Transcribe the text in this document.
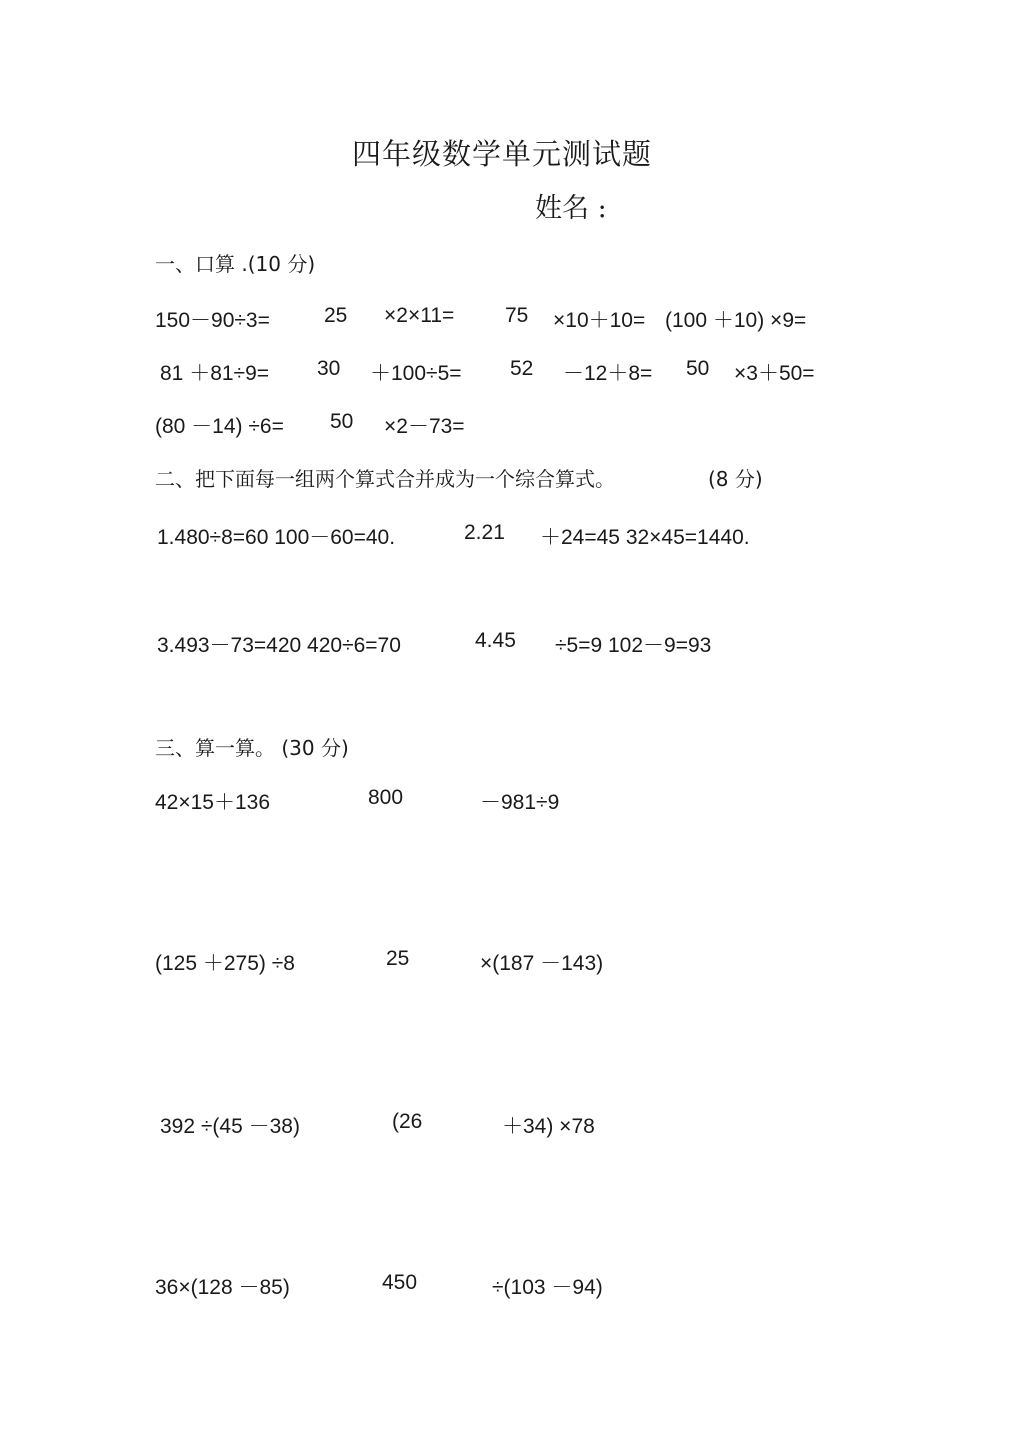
四年级数学单元测试题
姓名 :
一、口算 .(10 分)
150－90÷3=	25 ×2×11= 75 ×10＋10= (100 ＋10) ×9=
81 ＋81÷9= 30 ＋100÷5= 52 －12＋8= 50 ×3＋50=
(80 －14) ÷6= 50 ×2－73=
二、把下面每一组两个算式合并成为一个综合算式。	(8 分)
1.480÷8=60 100－60=40.	2.21 ＋24=45 32×45=1440.
3.493－73=420 420÷6=70	4.45 ÷5=9 102－9=93
三、算一算。 (30 分)
42×15＋136	800	－981÷9
(125 ＋275) ÷8	25	×(187 －143)
392 ÷(45 －38)	(26	＋34) ×78
36×(128 －85)	450	÷(103 －94)
